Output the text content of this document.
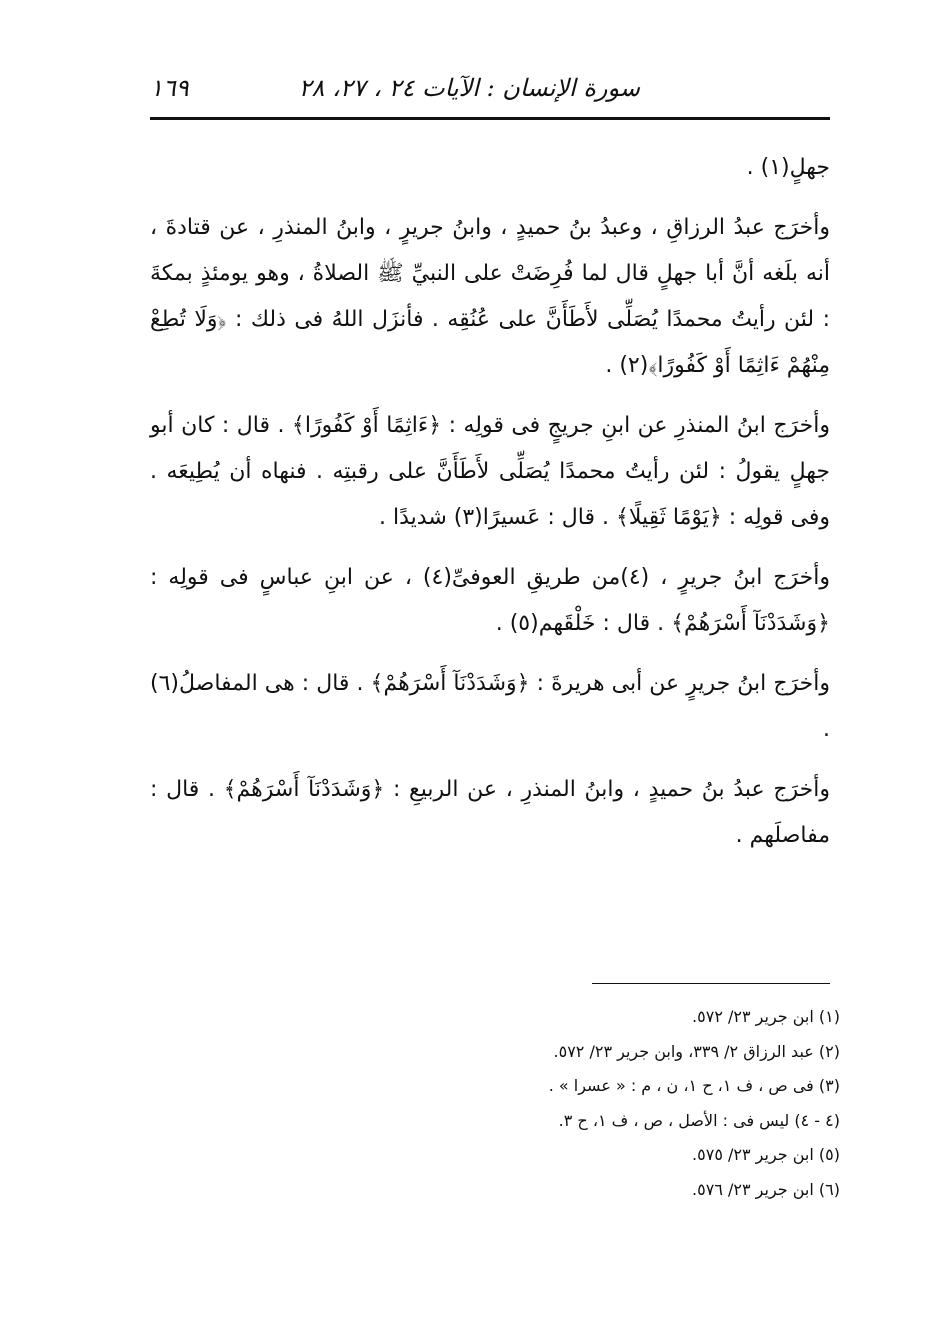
سورة الإنسان : الآيات ٢٤ ، ٢٧، ٢٨
١٦٩

جهلٍ(١) .

وأخرَج عبدُ الرزاقِ ، وعبدُ بنُ حميدٍ ، وابنُ جريرٍ ، وابنُ المنذرِ ، عن قتادةَ ، أنه بلَغه أنَّ أبا جهلٍ قال لما فُرِضَتْ على النبيِّ ﷺ الصلاةُ ، وهو يومئذٍ بمكةَ : لئن رأيتُ محمدًا يُصَلِّى لأَطَأَنَّ على عُنُقِه . فأنزَل اللهُ فى ذلك : ﴿وَلَا تُطِعْ مِنْهُمْ ءَاثِمًا أَوْ كَفُورًا﴾(٢) .

وأخرَج ابنُ المنذرِ عن ابنِ جريجٍ فى قولِه : ﴿ءَاثِمًا أَوْ كَفُورًا﴾ . قال : كان أبو جهلٍ يقولُ : لئن رأيتُ محمدًا يُصَلِّى لأَطَأَنَّ على رقبتِه . فنهاه أن يُطِيعَه . وفى قولِه : ﴿يَوْمًا ثَقِيلًا﴾ . قال : عَسيرًا(٣) شديدًا .

وأخرَج ابنُ جريرٍ ، (٤)من طريقِ العوفىِّ(٤) ، عن ابنِ عباسٍ فى قولِه : ﴿وَشَدَدْنَآ أَسْرَهُمْ﴾ . قال : خَلْقَهم(٥) .

وأخرَج ابنُ جريرٍ عن أبى هريرةَ : ﴿وَشَدَدْنَآ أَسْرَهُمْ﴾ . قال : هى المفاصلُ(٦) .

وأخرَج عبدُ بنُ حميدٍ ، وابنُ المنذرِ ، عن الربيعِ : ﴿وَشَدَدْنَآ أَسْرَهُمْ﴾ . قال : مفاصلَهم .

(١) ابن جرير ٢٣/ ٥٧٢.

(٢) عبد الرزاق ٢/ ٣٣٩، وابن جرير ٢٣/ ٥٧٢.

(٣) فى ص ، ف ١، ح ١، ن ، م : « عسرا » .

(٤ - ٤) ليس فى : الأصل ، ص ، ف ١، ح ٣.

(٥) ابن جرير ٢٣/ ٥٧٥.

(٦) ابن جرير ٢٣/ ٥٧٦.
